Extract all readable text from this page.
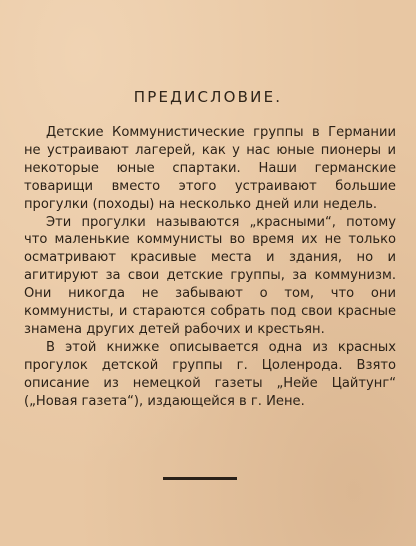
ПРЕДИСЛОВИЕ.

Детские Коммунистические группы в Германии не устраивают лагерей, как у нас юные пионеры и некоторые юные спартаки. Наши германские товарищи вместо этого устраивают большие прогулки (походы) на несколько дней или недель.

Эти прогулки называются „красными“, потому что маленькие коммунисты во время их не только осматривают красивые места и здания, но и агитируют за свои детские группы, за коммунизм. Они никогда не забывают о том, что они коммунисты, и стараются собрать под свои красные знамена других детей рабочих и крестьян.

В этой книжке описывается одна из красных прогулок детской группы г. Цоленрода. Взято описание из немецкой газеты „Нейе Цайтунг“ („Новая газета“), издающейся в г. Иене.
